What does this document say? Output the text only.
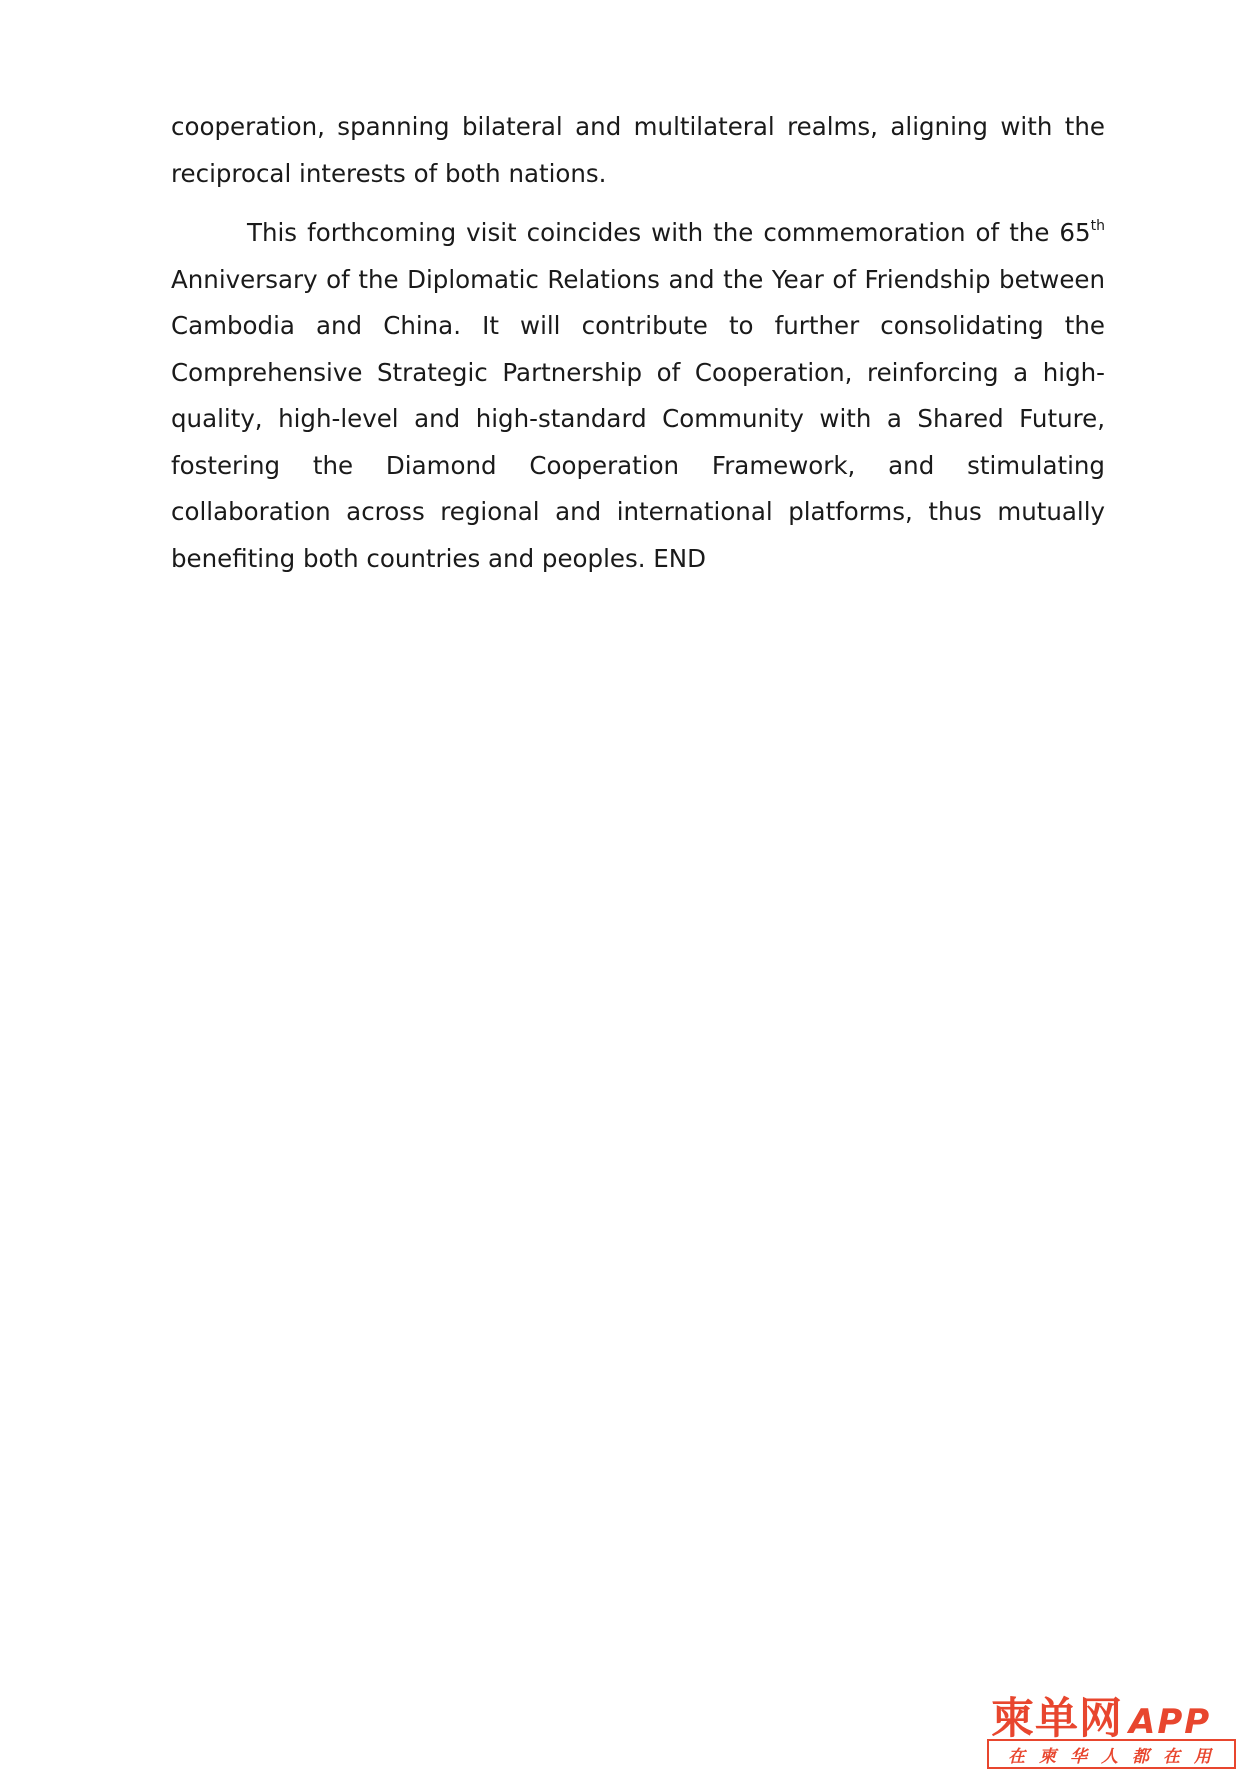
cooperation, spanning bilateral and multilateral realms, aligning with the reciprocal interests of both nations.

This forthcoming visit coincides with the commemoration of the 65th Anniversary of the Diplomatic Relations and the Year of Friendship between Cambodia and China. It will contribute to further consolidating the Comprehensive Strategic Partnership of Cooperation, reinforcing a high-quality, high-level and high-standard Community with a Shared Future, fostering the Diamond Cooperation Framework, and stimulating collaboration across regional and international platforms, thus mutually benefiting both countries and peoples. END

柬单网 APP
在柬华人都在用
